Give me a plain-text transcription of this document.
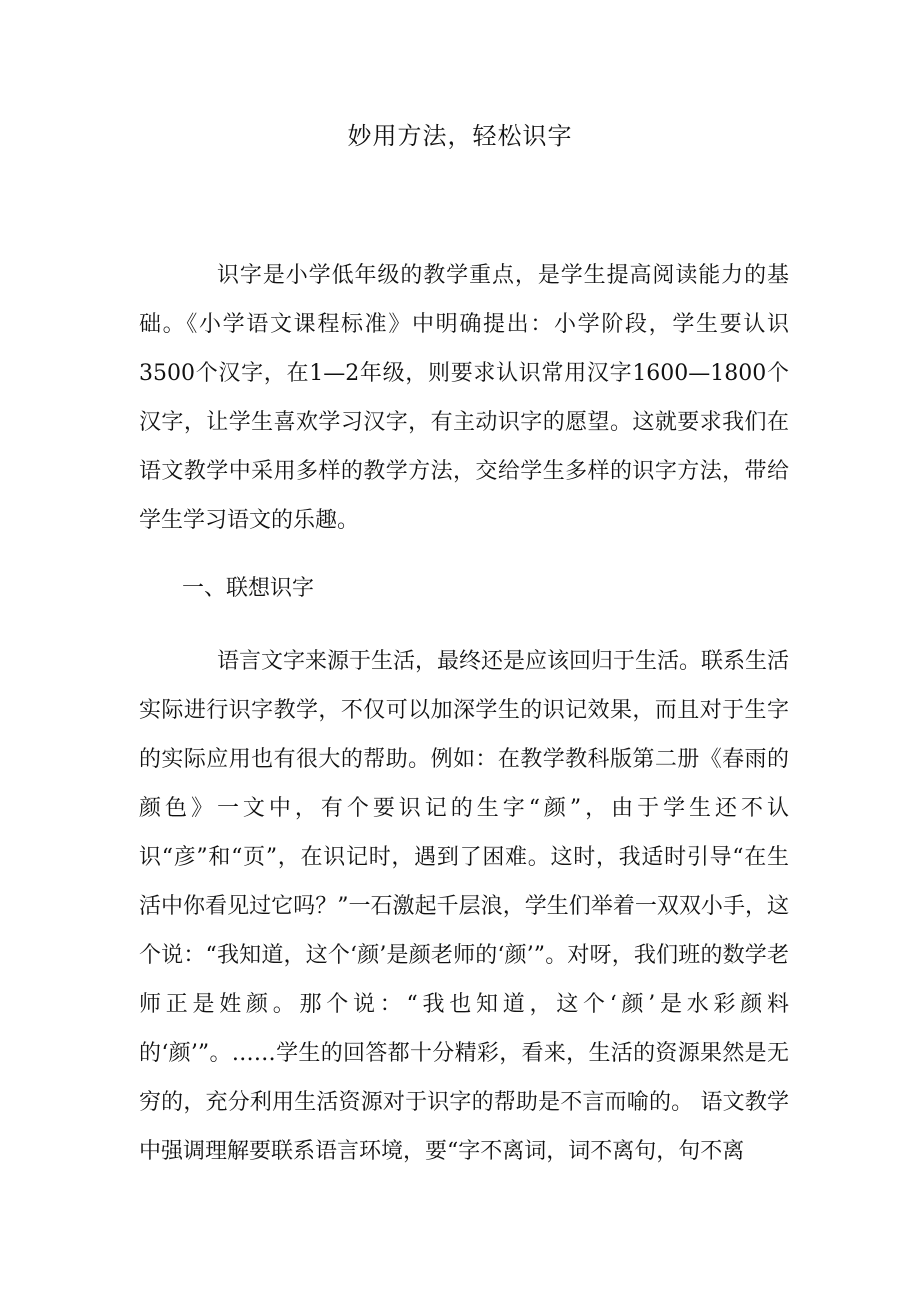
妙用方法，轻松识字

识字是小学低年级的教学重点，是学生提高阅读能力的基础。《小学语文课程标准》中明确提出：小学阶段，学生要认识3500个汉字，在1—2年级，则要求认识常用汉字1600—1800个汉字，让学生喜欢学习汉字，有主动识字的愿望。这就要求我们在语文教学中采用多样的教学方法，交给学生多样的识字方法，带给学生学习语文的乐趣。

一、联想识字

语言文字来源于生活，最终还是应该回归于生活。联系生活实际进行识字教学，不仅可以加深学生的识记效果，而且对于生字的实际应用也有很大的帮助。例如：在教学教科版第二册《春雨的颜色》一文中，有个要识记的生字“颜”，由于学生还不认识“彦”和“页”，在识记时，遇到了困难。这时，我适时引导“在生活中你看见过它吗？”一石激起千层浪，学生们举着一双双小手，这个说：“我知道，这个‘颜’是颜老师的‘颜’”。对呀，我们班的数学老师正是姓颜。那个说：“我也知道，这个‘颜’是水彩颜料的‘颜’”。……学生的回答都十分精彩，看来，生活的资源果然是无穷的，充分利用生活资源对于识字的帮助是不言而喻的。 语文教学中强调理解要联系语言环境，要“字不离词，词不离句，句不离
